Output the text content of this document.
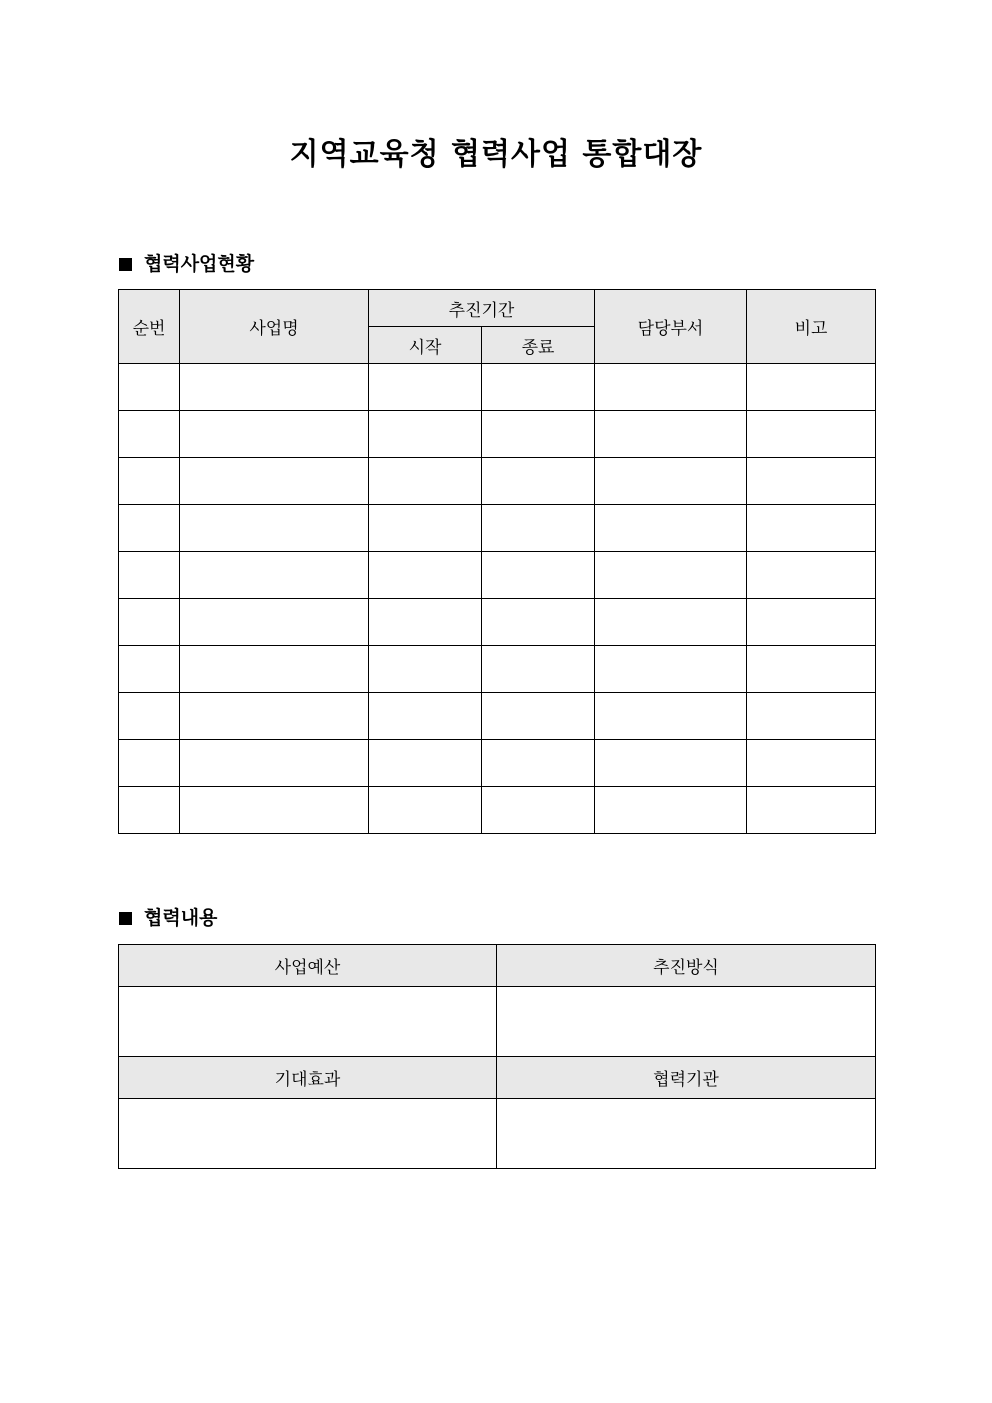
지역교육청 협력사업 통합대장
협력사업현황
순번	사업명	추진기간		담당부서	비고
		시작	종료		

협력내용
사업예산	추진방식

기대효과	협력기관
